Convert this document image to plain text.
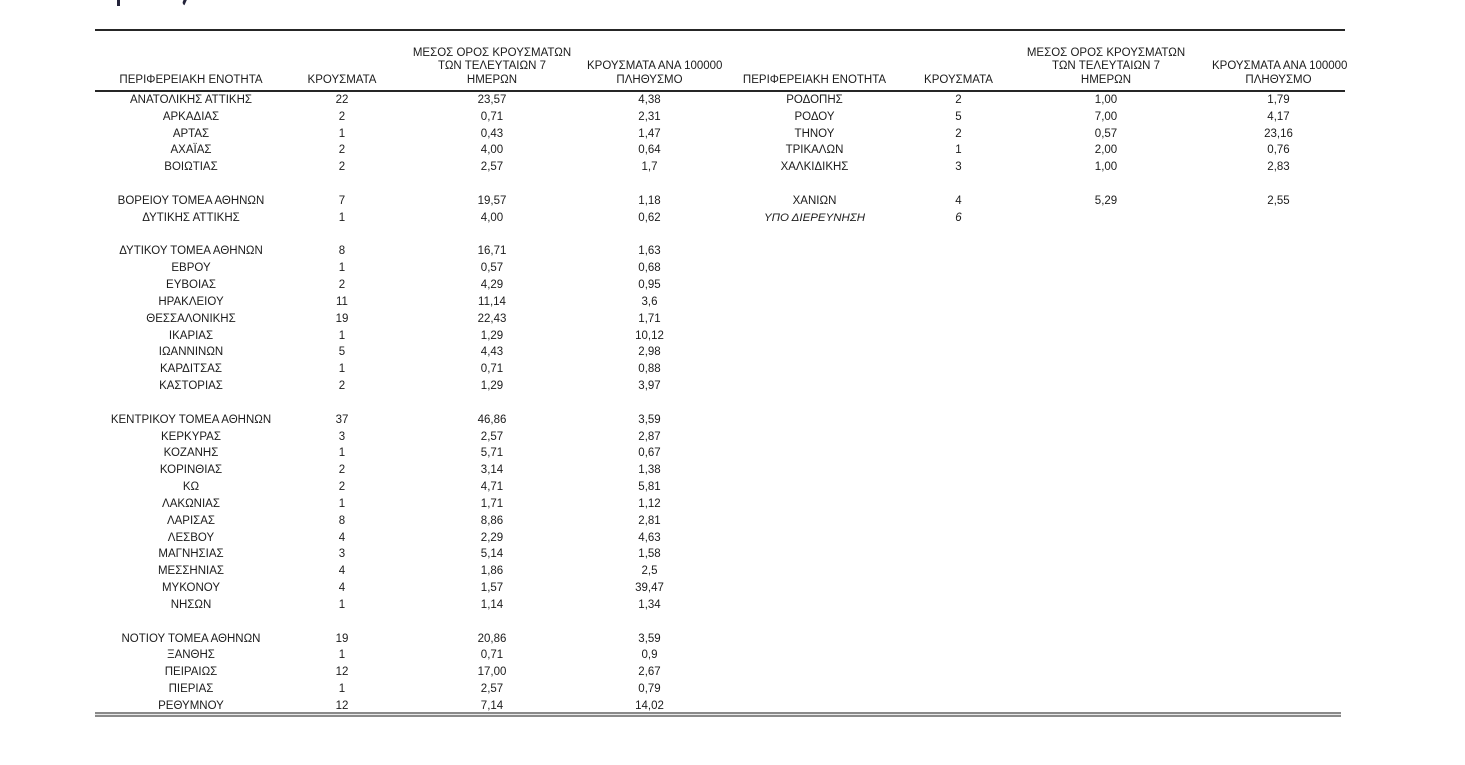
ΠΕΡΙΦΕΡΕΙΑΚΗ ΕΝΟΤΗΤΑ	ΚΡΟΥΣΜΑΤΑ

ΜΕΣΟΣ ΟΡΟΣ ΚΡΟΥΣΜΑΤΩΝ
ΤΩΝ ΤΕΛΕΥΤΑΙΩΝ 7
ΗΜΕΡΩΝ

ΚΡΟΥΣΜΑΤΑ ΑΝΑ 100000
ΠΛΗΘΥΣΜΟ	ΠΕΡΙΦΕΡΕΙΑΚΗ ΕΝΟΤΗΤΑ	ΚΡΟΥΣΜΑΤΑ

ΜΕΣΟΣ ΟΡΟΣ ΚΡΟΥΣΜΑΤΩΝ
ΤΩΝ ΤΕΛΕΥΤΑΙΩΝ 7
ΗΜΕΡΩΝ

ΚΡΟΥΣΜΑΤΑ ΑΝΑ 100000
ΠΛΗΘΥΣΜΟ

ΑΝΑΤΟΛΙΚΗΣ ΑΤΤΙΚΗΣ	22	23,57	4,38	ΡΟΔΟΠΗΣ	2	1,00	1,79
ΑΡΚΑΔΙΑΣ	2	0,71	2,31	ΡΟΔΟΥ	5	7,00	4,17
ΑΡΤΑΣ	1	0,43	1,47	ΤΗΝΟΥ	2	0,57	23,16
ΑΧΑΪΑΣ	2	4,00	0,64	ΤΡΙΚΑΛΩΝ	1	2,00	0,76
ΒΟΙΩΤΙΑΣ	2	2,57	1,7	ΧΑΛΚΙΔΙΚΗΣ	3	1,00	2,83

ΒΟΡΕΙΟΥ ΤΟΜΕΑ ΑΘΗΝΩΝ	7	19,57	1,18	ΧΑΝΙΩΝ	4	5,29	2,55
ΔΥΤΙΚΗΣ ΑΤΤΙΚΗΣ	1	4,00	0,62	ΥΠΟ ΔΙΕΡΕΥΝΗΣΗ	6		

ΔΥΤΙΚΟΥ ΤΟΜΕΑ ΑΘΗΝΩΝ	8	16,71	1,63				
ΕΒΡΟΥ	1	0,57	0,68				
ΕΥΒΟΙΑΣ	2	4,29	0,95				
ΗΡΑΚΛΕΙΟΥ	11	11,14	3,6				
ΘΕΣΣΑΛΟΝΙΚΗΣ	19	22,43	1,71				
ΙΚΑΡΙΑΣ	1	1,29	10,12				
ΙΩΑΝΝΙΝΩΝ	5	4,43	2,98				
ΚΑΡΔΙΤΣΑΣ	1	0,71	0,88				
ΚΑΣΤΟΡΙΑΣ	2	1,29	3,97				

ΚΕΝΤΡΙΚΟΥ ΤΟΜΕΑ ΑΘΗΝΩΝ	37	46,86	3,59				
ΚΕΡΚΥΡΑΣ	3	2,57	2,87				
ΚΟΖΑΝΗΣ	1	5,71	0,67				
ΚΟΡΙΝΘΙΑΣ	2	3,14	1,38				
ΚΩ	2	4,71	5,81				
ΛΑΚΩΝΙΑΣ	1	1,71	1,12				
ΛΑΡΙΣΑΣ	8	8,86	2,81				
ΛΕΣΒΟΥ	4	2,29	4,63				
ΜΑΓΝΗΣΙΑΣ	3	5,14	1,58				
ΜΕΣΣΗΝΙΑΣ	4	1,86	2,5				
ΜΥΚΟΝΟΥ	4	1,57	39,47				
ΝΗΣΩΝ	1	1,14	1,34				

ΝΟΤΙΟΥ ΤΟΜΕΑ ΑΘΗΝΩΝ	19	20,86	3,59				
ΞΑΝΘΗΣ	1	0,71	0,9				
ΠΕΙΡΑΙΩΣ	12	17,00	2,67				
ΠΙΕΡΙΑΣ	1	2,57	0,79				
ΡΕΘΥΜΝΟΥ	12	7,14	14,02				
